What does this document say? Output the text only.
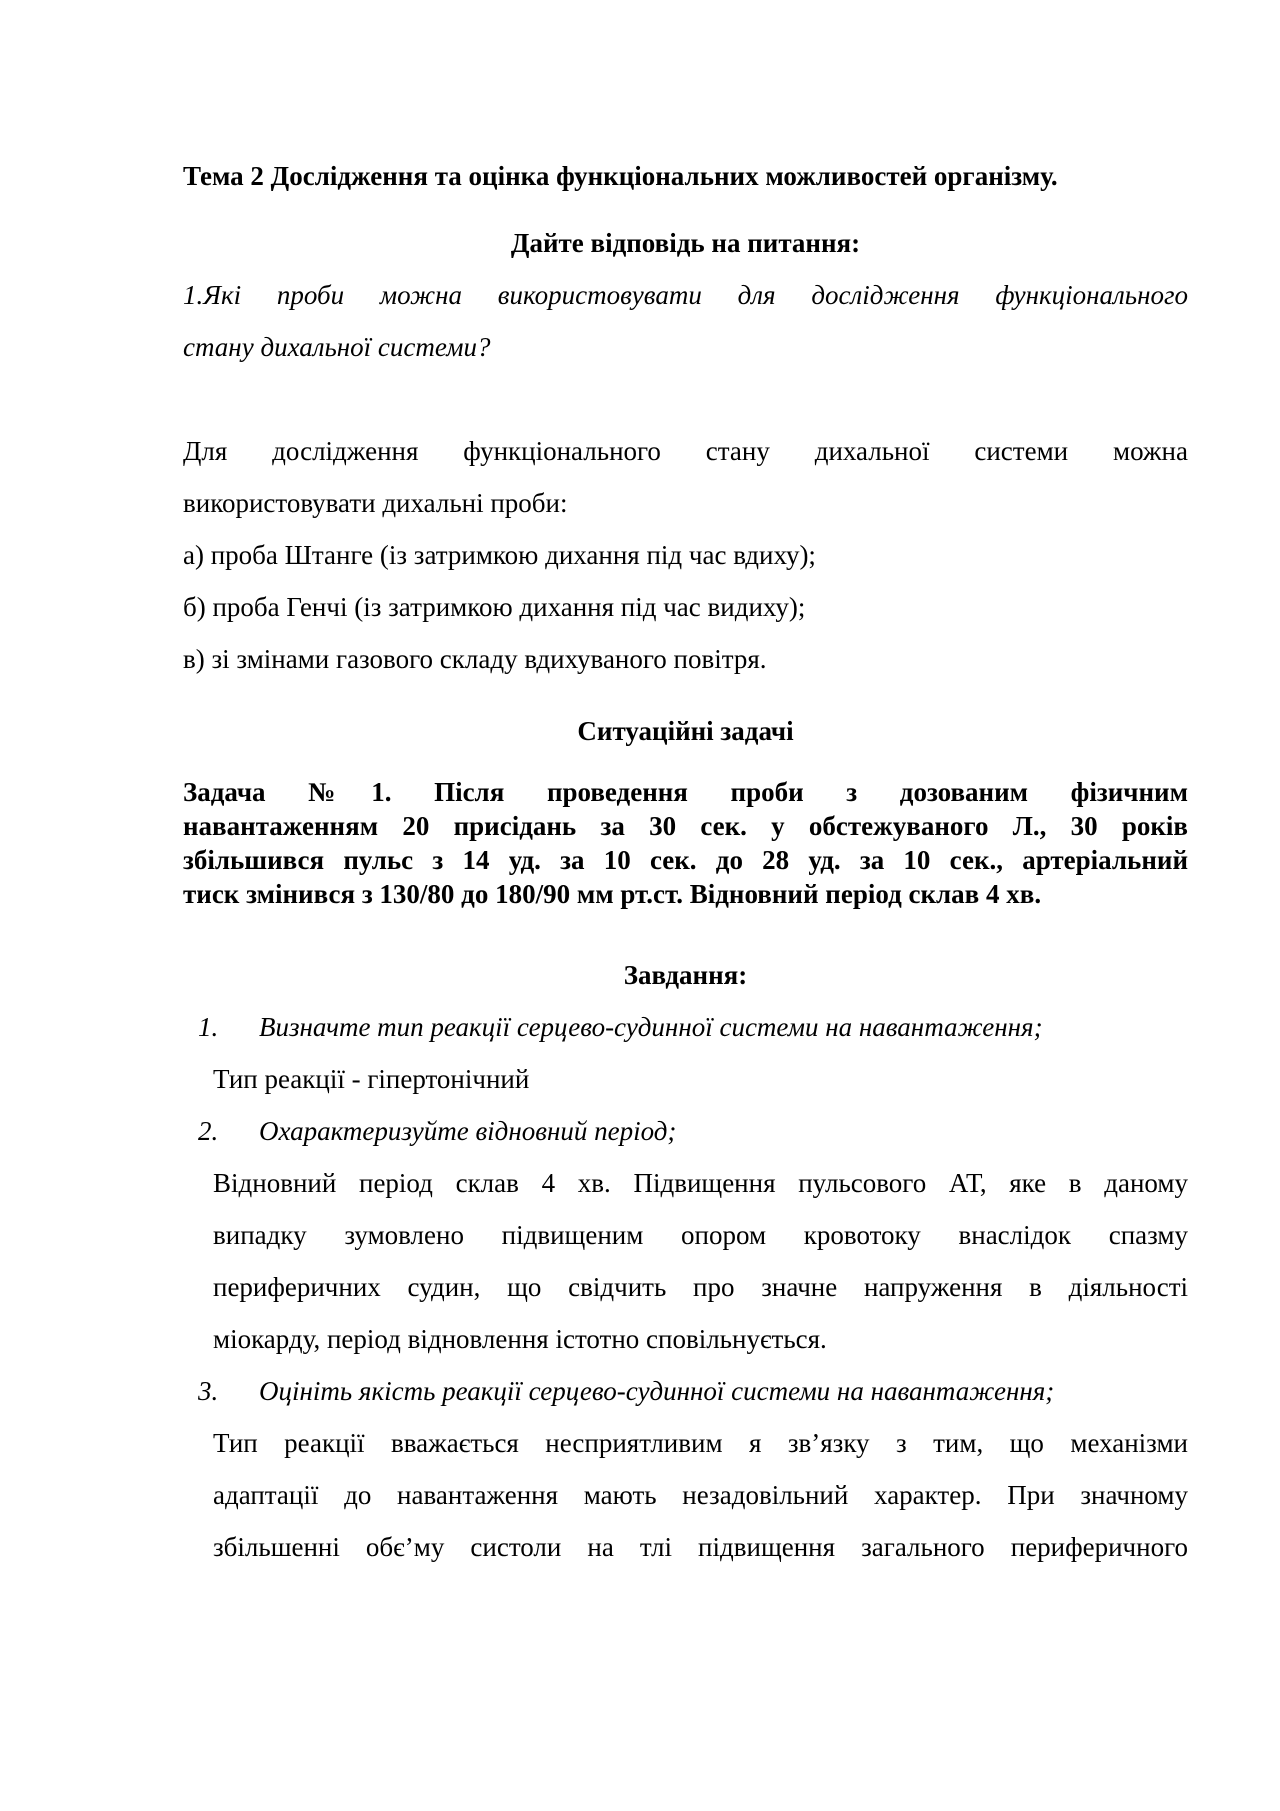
Тема 2 Дослідження та оцінка функціональних можливостей організму.
Дайте відповідь на питання:
1.Які проби можна використовувати для дослідження функціонального
стану дихальної системи?
Для дослідження функціонального стану дихальної системи можна
використовувати дихальні проби:
а) проба Штанге (із затримкою дихання під час вдиху);
б) проба Генчі (із затримкою дихання під час видиху);
в) зі змінами газового складу вдихуваного повітря.
Ситуаційні задачі
Задача №1. Після проведення проби з дозованим фізичним
навантаженням 20 присідань за 30 сек. у обстежуваного Л., 30 років
збільшився пульс з 14 уд. за 10 сек. до 28 уд. за 10 сек., артеріальний
тиск змінився з 130/80 до 180/90 мм рт.ст. Відновний період склав 4 хв.
Завдання:
1. Визначте тип реакції серцево-судинної системи на навантаження;
Тип реакції - гіпертонічний
2. Охарактеризуйте відновний період;
Відновний період склав 4 хв. Підвищення пульсового АТ, яке в даному
випадку зумовлено підвищеним опором кровотоку внаслідок спазму
периферичних судин, що свідчить про значне напруження в діяльності
міокарду, період відновлення істотно сповільнується.
3. Оцініть якість реакції серцево-судинної системи на навантаження;
Тип реакції вважається несприятливим я зв’язку з тим, що механізми
адаптації до навантаження мають незадовільний характер. При значному
збільшенні обє’му систоли на тлі підвищення загального периферичного
